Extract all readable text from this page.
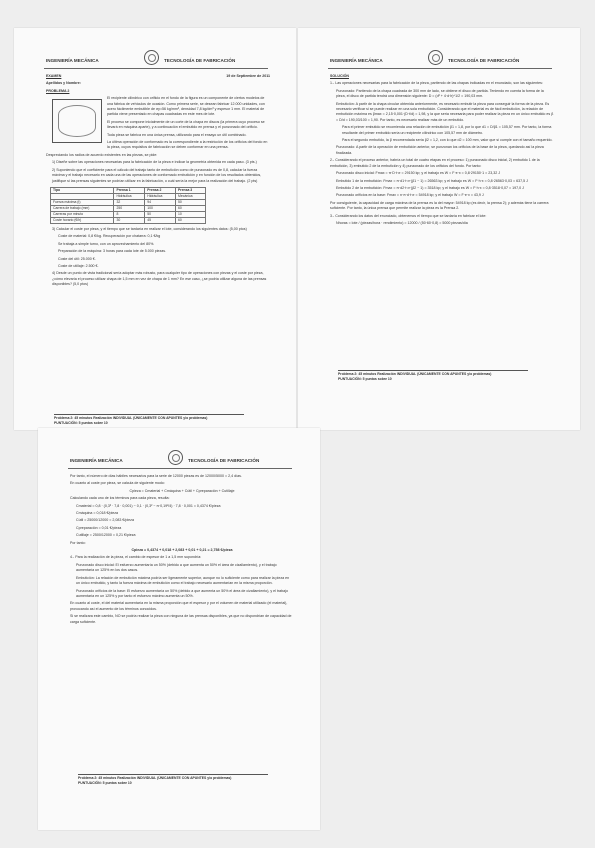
INGENIERÍA MECÁNICA	TECNOLOGÍA DE FABRICACIÓN

EXAMEN	19 de Septiembre de 2011

Apellidos y Nombre:

PROBLEMA 2

El recipiente cilíndrico con orificio en el fondo de la figura es un componente de ciertos modelos de una fábrica de vehículos de ocasión. Como primera serie, se desean fabricar 12.000 unidades, con acero fácilmente embutible de σy=56 kg/mm², densidad 7,8 kg/dm³ y espesor 1 mm. El material de partida viene presentado en chapas cuadradas en este mes de lote.

El proceso se compone inicialmente de un corte de la chapa en discos (la primera cuyo proceso se llevará en máquina aparte), y a continuación el embutido en prensa y el punzonado del orificio.

Toda pieza se fabrica en una única prensa, utilizando para el ensayo un útil combinado.

La última operación de conformado es la correspondiente a la restricción de los orificios del fondo en la pieza, cuyos requisitos de fabricación se deben conformar en una prensa.

Despreciando los radios de acuerdo existentes en las piezas, se pide:

1) Diseñe sobre las operaciones necesarias para la fabricación de la pieza e indicar la geometría obtenida en cada paso. (3 pts.)

2) Suponiendo que el coeficiente para el cálculo del trabajo tanto de embutición como de punzonado es de 0,8, calcular la fuerza máxima y el trabajo necesario en cada una de las operaciones de conformado embutición y en función de los resultados obtenidos, justifique si las prensas siguientes se podrían utilizar en la fabricación, o cuál sería la mejor para la realización del trabajo. (2 pts)

Tipo	Prensa 1	Prensa 2	Prensa 3
	Hidráulica	Hidráulica	Mecánica
Fuerza máxima (t)	32	94	50
Carrera de trabajo (mm)	250	100	60
Carreras por minuto	8	50	10
Coste horario (€/h)	30	45	60

3) Calcular el coste por pieza, y el tiempo que se tardaría en realizar el lote, considerando los siguientes datos: (5,00 ptos)

Coste de material: 0,8 €/kg. Recuperación por chatarra: 0,1 €/kg

Se trabaja a simple turno, con un aprovechamiento del 80%.

Preparación de la máquina: 3 horas para cada lote de 5.000 piezas.

Coste del útil: 25.000 €.

Coste de utillaje: 2.500 €.

4) Desde un punto de vista tradicional sería adoptar más robusto, para cualquier tipo de operaciones con piezas y el coste por pieza, ¿cómo elevaría el proceso utilizar chapa de 1,5 mm en vez de chapa de 1 mm? En ese caso, ¿se podría utilizar alguna de las prensas disponibles? (5,0 ptos)

Problema 2: 45 minutos Realización INDIVIDUAL (ÚNICAMENTE CON APUNTES y/o problemas)
PUNTUACIÓN: 5 puntos sobre 10
INGENIERÍA MECÁNICA	TECNOLOGÍA DE FABRICACIÓN

SOLUCIÓN

1.- Las operaciones necesarias para la fabricación de la pieza, partiendo de las chapas indicadas en el enunciado, son las siguientes:

Punzonado: Partiendo de la chapa cuadrada de 300 mm de lado, se obtiene el disco de partida. Teniendo en cuenta la forma de la pieza, el disco de partida tendrá una dimensión siguiente: D = (d² + 4·d·h)^1/2 = 190,03 mm.

Embutición: A partir de la chapa circular obtenida anteriormente, es necesario embutir la pieza para conseguir la forma de la pieza. Es necesario verificar si se puede realizar en una sola embutición. Considerando que el material es de fácil embutición, la relación de embutición máxima es βmax = 2,15·0,001·(D·t/d) = 1,98, y la que sería necesaria para poder realizar la pieza en un único embutido es β = D/d = 190,03/100 = 1,90. Por tanto, es necesario realizar más de un embutido.

Para el primer embutido se recomienda una relación de embutición β1 = 1,8, por lo que d1 = D/β1 = 105,57 mm. Por tanto, la forma resultante del primer embutido sería un recipiente cilíndrico con 105,57 mm de diámetro.

Para el segundo embutido, la β recomendada sería β2 = 1,2, con lo que d2 = 100 mm, valor que sí cumple con el tamaño requerido.

Punzonado: A partir de la operación de embutición anterior, se punzonan los orificios de la base de la pieza, quedando así la pieza finalizada.

2.- Considerando el proceso anterior, habría un total de cuatro etapas en el proceso: 1) punzonado disco inicial, 2) embutido 1 de la embutición, 3) embutido 2 de la embutición y 4) punzonado de los orificios del fondo. Por tanto:

Punzonado disco inicial: Fmax = π·D·t·σ = 29150 kp; y el trabajo es W = F·e·x = 0,8·29150·1 = 23,32 J

Embutido 1 de la embutición: Fmax = π·d1·t·σ·(β1 − 1) = 26563 kp; y el trabajo es W = F·h·x = 0,8·26563·0,03 = 637,5 J

Embutido 2 de la embutición: Fmax = π·d2·t·σ·(β2 − 1) = 3518 kp; y el trabajo es W = F·h·x = 0,8·3518·0,07 = 197,0 J

Punzonado orificios en la base: Fmax = n·π·d·t·σ = 54918 kp; y el trabajo W = F·e·x = 43,9 J

Por consiguiente, la capacidad de carga máxima de la prensa es la del mayor: 54918 kp (es decir, la prensa 2); y además tiene la carrera suficiente. Por tanto, la única prensa que permite realizar la pieza es la Prensa 2.

3.- Considerando los datos del enunciado, obtenemos el tiempo que se tardaría en fabricar el lote:

Nhoras = lote / (piezas/hora · rendimiento) = 12000 / (50·60·0,8) = 5000 piezas/día

Problema 2: 45 minutos Realización INDIVIDUAL (ÚNICAMENTE CON APUNTES y/o problemas)
PUNTUACIÓN: 5 puntos sobre 10
INGENIERÍA MECÁNICA	TECNOLOGÍA DE FABRICACIÓN

Por tanto, el número de días hábiles necesarios para la serie de 12000 piezas es de 12000/5000 = 2,4 días.

En cuanto al coste por pieza, se calcula de siguiente modo:

Cpieza = Cmaterial + Cmáquina + Cútil + Cpreparación + Cutillaje

Calculando cada uno de los términos para cada pieza, resulta:

Cmaterial = 0,8 · (0,3² · 7,8 · 0,001) − 0,1 · (0,3² − π·0,19²/4) · 7,8 · 0,001 = 0,4374 €/pieza

Cmáquina = 0,018 €/pieza

Cútil = 25000/12000 = 2,083 €/pieza

Cpreparación = 0,01 €/pieza

Cutillaje = 2500/12000 = 0,21 €/pieza

Por tanto:

Cpieza = 0,4374 + 0,018 + 2,083 + 0,01 + 0,21 = 2,758 €/pieza

4.- Para la realización de la pieza, el cambio de espesor de 1 a 1,5 mm supondría:

Punzonado disco inicial: El esfuerzo aumentaría un 50% (debido a que aumenta un 50% el área de cizallamiento), y el trabajo aumentaría un 125% en los dos casos.

Embutición: La relación de embutición máxima podría ser ligeramente superior, aunque no lo suficiente como para realizar la pieza en un único embutido, y tanto la fuerza máxima de embutición como el trabajo necesario aumentarían en la misma proporción.

Punzonado orificios de la base: El esfuerzo aumentaría un 50% (debido a que aumenta un 50% el área de cizallamiento), y el trabajo aumentaría en un 125% y por tanto el esfuerzo máximo aumenta un 50%.

En cuanto al coste, el del material aumentaría en la misma proporción que el espesor y por el volumen de material utilizado (el material), provocando así el aumento de los términos conocidos.

Si se realizara este cambio, NO se podría realizar la pieza con ninguna de las prensas disponibles, ya que no dispondrían de capacidad de carga suficiente.

Problema 2: 45 minutos Realización INDIVIDUAL (ÚNICAMENTE CON APUNTES y/o problemas)
PUNTUACIÓN: 5 puntos sobre 10
